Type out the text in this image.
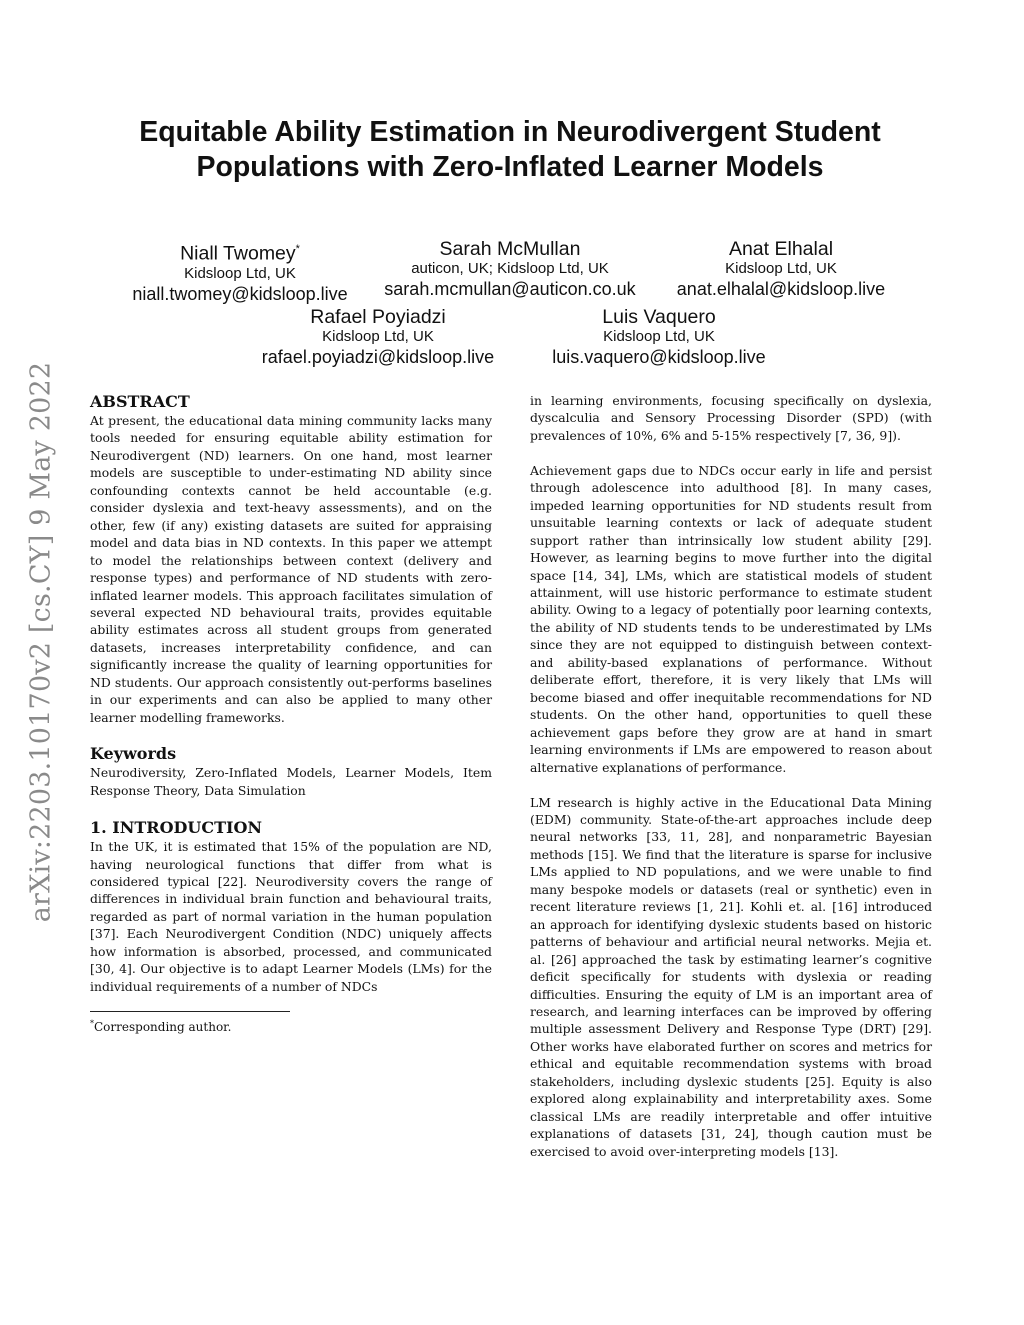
arXiv:2203.10170v2 [cs.CY] 9 May 2022
Equitable Ability Estimation in Neurodivergent Student
Populations with Zero-Inflated Learner Models
Niall Twomey*
Kidsloop Ltd, UK
niall.twomey@kidsloop.live
Sarah McMullan
auticon, UK; Kidsloop Ltd, UK
sarah.mcmullan@auticon.co.uk
Anat Elhalal
Kidsloop Ltd, UK
anat.elhalal@kidsloop.live
Rafael Poyiadzi
Kidsloop Ltd, UK
rafael.poyiadzi@kidsloop.live
Luis Vaquero
Kidsloop Ltd, UK
luis.vaquero@kidsloop.live
ABSTRACT

At present, the educational data mining community lacks many tools needed for ensuring equitable ability estimation for Neurodivergent (ND) learners. On one hand, most learner models are susceptible to under-estimating ND ability since confounding contexts cannot be held accountable (e.g. consider dyslexia and text-heavy assessments), and on the other, few (if any) existing datasets are suited for appraising model and data bias in ND contexts. In this paper we attempt to model the relationships between context (delivery and response types) and performance of ND students with zero-inflated learner models. This approach facilitates simulation of several expected ND behavioural traits, provides equitable ability estimates across all student groups from generated datasets, increases interpretability confidence, and can significantly increase the quality of learning opportunities for ND students. Our approach consistently out-performs baselines in our experiments and can also be applied to many other learner modelling frameworks.

Keywords

Neurodiversity, Zero-Inflated Models, Learner Models, Item Response Theory, Data Simulation

1. INTRODUCTION

In the UK, it is estimated that 15% of the population are ND, having neurological functions that differ from what is considered typical [22]. Neurodiversity covers the range of differences in individual brain function and behavioural traits, regarded as part of normal variation in the human population [37]. Each Neurodivergent Condition (NDC) uniquely affects how information is absorbed, processed, and communicated [30, 4]. Our objective is to adapt Learner Models (LMs) for the individual requirements of a number of NDCs

*Corresponding author.

in learning environments, focusing specifically on dyslexia, dyscalculia and Sensory Processing Disorder (SPD) (with prevalences of 10%, 6% and 5-15% respectively [7, 36, 9]).

Achievement gaps due to NDCs occur early in life and persist through adolescence into adulthood [8]. In many cases, impeded learning opportunities for ND students result from unsuitable learning contexts or lack of adequate student support rather than intrinsically low student ability [29]. However, as learning begins to move further into the digital space [14, 34], LMs, which are statistical models of student attainment, will use historic performance to estimate student ability. Owing to a legacy of potentially poor learning contexts, the ability of ND students tends to be underestimated by LMs since they are not equipped to distinguish between context- and ability-based explanations of performance. Without deliberate effort, therefore, it is very likely that LMs will become biased and offer inequitable recommendations for ND students. On the other hand, opportunities to quell these achievement gaps before they grow are at hand in smart learning environments if LMs are empowered to reason about alternative explanations of performance.

LM research is highly active in the Educational Data Mining (EDM) community. State-of-the-art approaches include deep neural networks [33, 11, 28], and nonparametric Bayesian methods [15]. We find that the literature is sparse for inclusive LMs applied to ND populations, and we were unable to find many bespoke models or datasets (real or synthetic) even in recent literature reviews [1, 21]. Kohli et. al. [16] introduced an approach for identifying dyslexic students based on historic patterns of behaviour and artificial neural networks. Mejia et. al. [26] approached the task by estimating learner’s cognitive deficit specifically for students with dyslexia or reading difficulties. Ensuring the equity of LM is an important area of research, and learning interfaces can be improved by offering multiple assessment Delivery and Response Type (DRT) [29]. Other works have elaborated further on scores and metrics for ethical and equitable recommendation systems with broad stakeholders, including dyslexic students [25]. Equity is also explored along explainability and interpretability axes. Some classical LMs are readily interpretable and offer intuitive explanations of datasets [31, 24], though caution must be exercised to avoid over-interpreting models [13].
